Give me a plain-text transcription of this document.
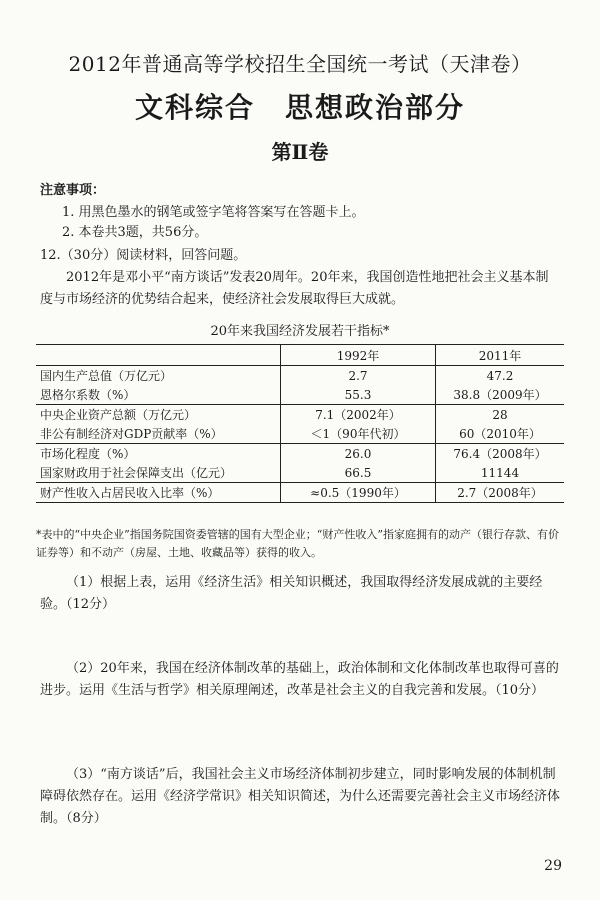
2012年普通高等学校招生全国统一考试（天津卷）
文科综合　思想政治部分
第Ⅱ卷
注意事项：
1. 用黑色墨水的钢笔或签字笔将答案写在答题卡上。
2. 本卷共3题，共56分。
12.（30分）阅读材料，回答问题。

2012年是邓小平“南方谈话”发表20周年。20年来，我国创造性地把社会主义基本制度与市场经济的优势结合起来，使经济社会发展取得巨大成就。

20年来我国经济发展若干指标*
	1992年	2011年
国内生产总值（万亿元）	2.7	47.2
恩格尔系数（%）	55.3	38.8（2009年）
中央企业资产总额（万亿元）	7.1（2002年）	28
非公有制经济对GDP贡献率（%）	＜1（90年代初）	60（2010年）
市场化程度（%）	26.0	76.4（2008年）
国家财政用于社会保障支出（亿元）	66.5	11144
财产性收入占居民收入比率（%）	≈0.5（1990年）	2.7（2008年）

*表中的“中央企业”指国务院国资委管辖的国有大型企业；“财产性收入”指家庭拥有的动产（银行存款、有价证券等）和不动产（房屋、土地、收藏品等）获得的收入。

（1）根据上表，运用《经济生活》相关知识概述，我国取得经济发展成就的主要经验。（12分）

（2）20年来，我国在经济体制改革的基础上，政治体制和文化体制改革也取得可喜的进步。运用《生活与哲学》相关原理阐述，改革是社会主义的自我完善和发展。（10分）

（3）“南方谈话”后，我国社会主义市场经济体制初步建立，同时影响发展的体制机制障碍依然存在。运用《经济学常识》相关知识简述，为什么还需要完善社会主义市场经济体制。（8分）

29
